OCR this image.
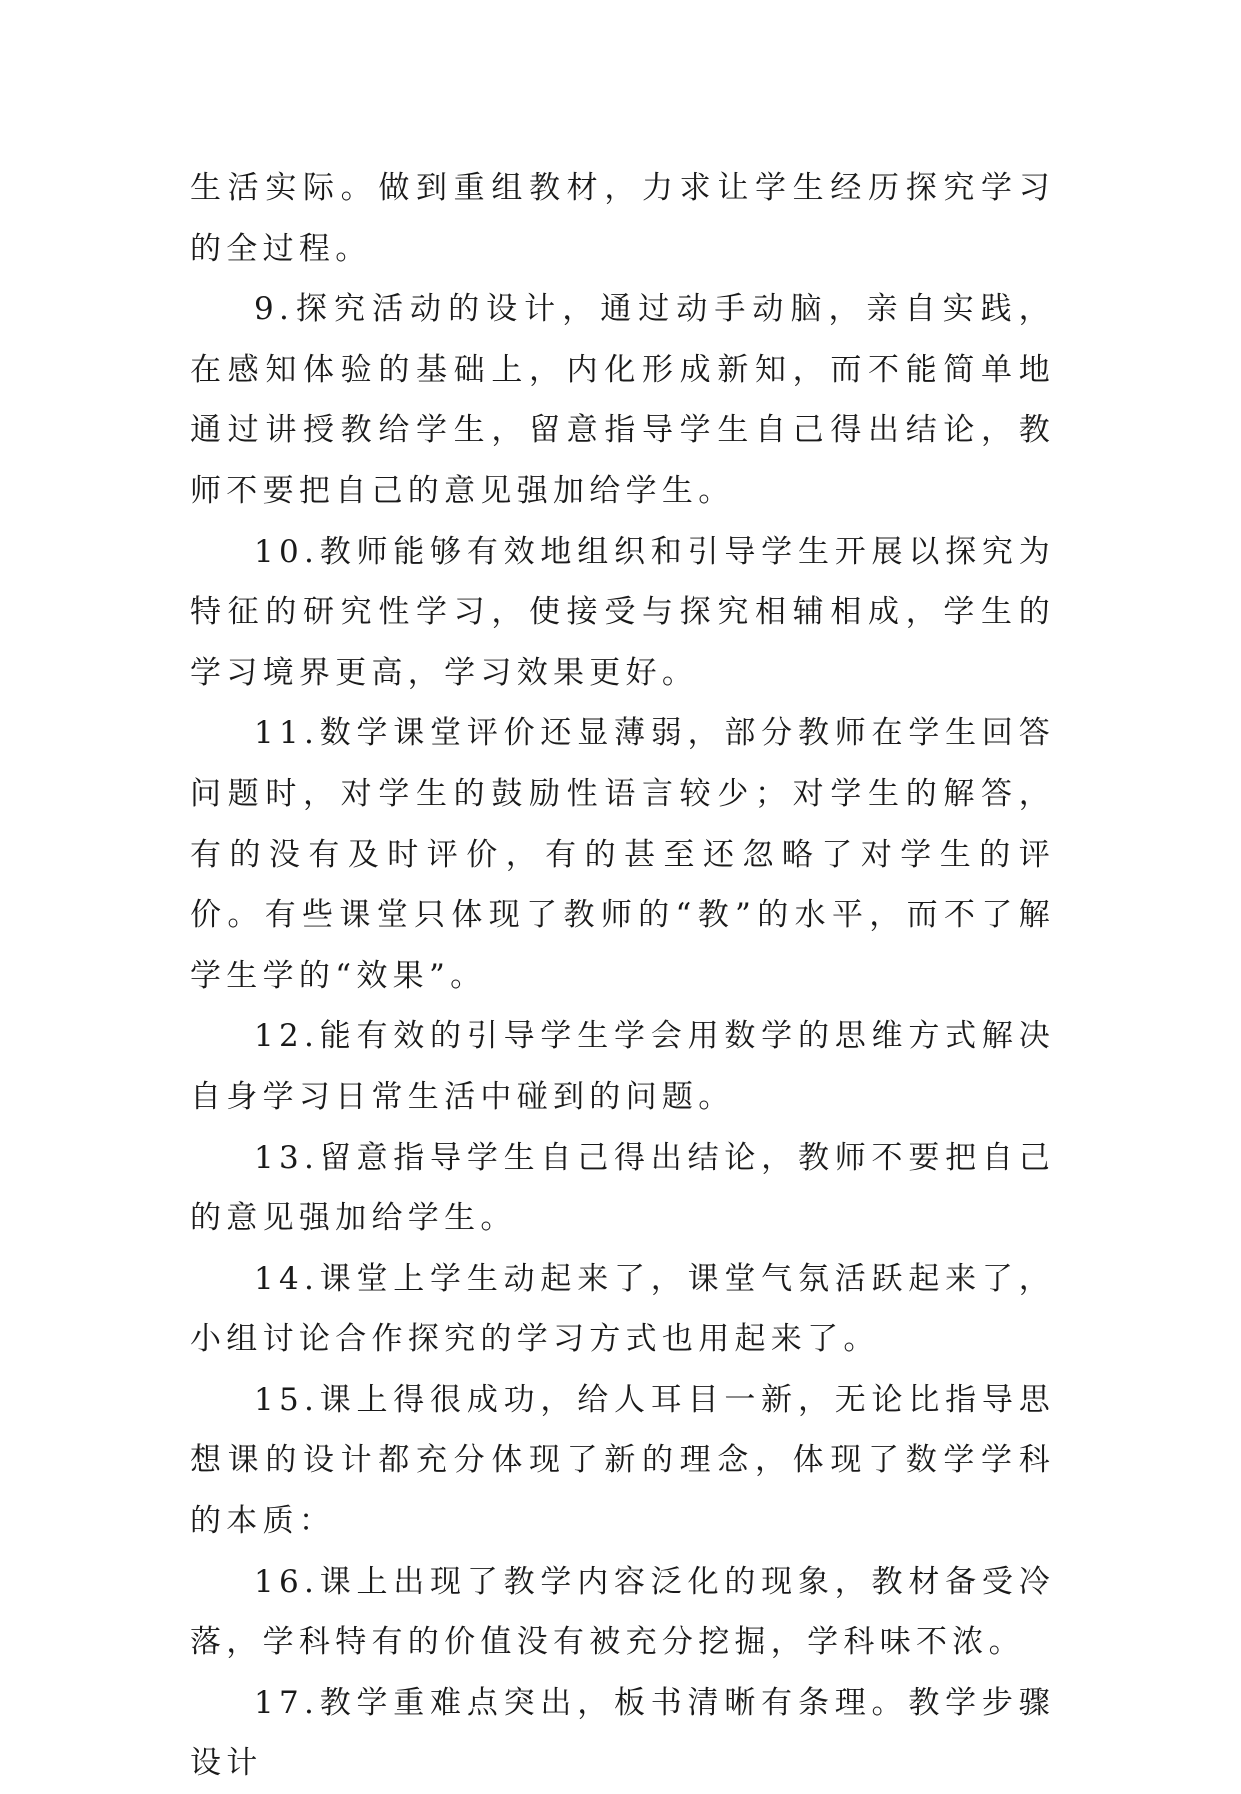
生活实际。做到重组教材，力求让学生经历探究学习的全过程。

9.探究活动的设计，通过动手动脑，亲自实践，在感知体验的基础上，内化形成新知，而不能简单地通过讲授教给学生，留意指导学生自己得出结论，教师不要把自己的意见强加给学生。

10.教师能够有效地组织和引导学生开展以探究为特征的研究性学习，使接受与探究相辅相成，学生的学习境界更高，学习效果更好。

11.数学课堂评价还显薄弱，部分教师在学生回答问题时，对学生的鼓励性语言较少；对学生的解答，有的没有及时评价，有的甚至还忽略了对学生的评价。有些课堂只体现了教师的“教”的水平，而不了解学生学的“效果”。

12.能有效的引导学生学会用数学的思维方式解决自身学习日常生活中碰到的问题。

13.留意指导学生自己得出结论，教师不要把自己的意见强加给学生。

14.课堂上学生动起来了，课堂气氛活跃起来了，小组讨论合作探究的学习方式也用起来了。

15.课上得很成功，给人耳目一新，无论比指导思想课的设计都充分体现了新的理念，体现了数学学科的本质：

16.课上出现了教学内容泛化的现象，教材备受冷落，学科特有的价值没有被充分挖掘，学科味不浓。

17.教学重难点突出，板书清晰有条理。教学步骤设计
